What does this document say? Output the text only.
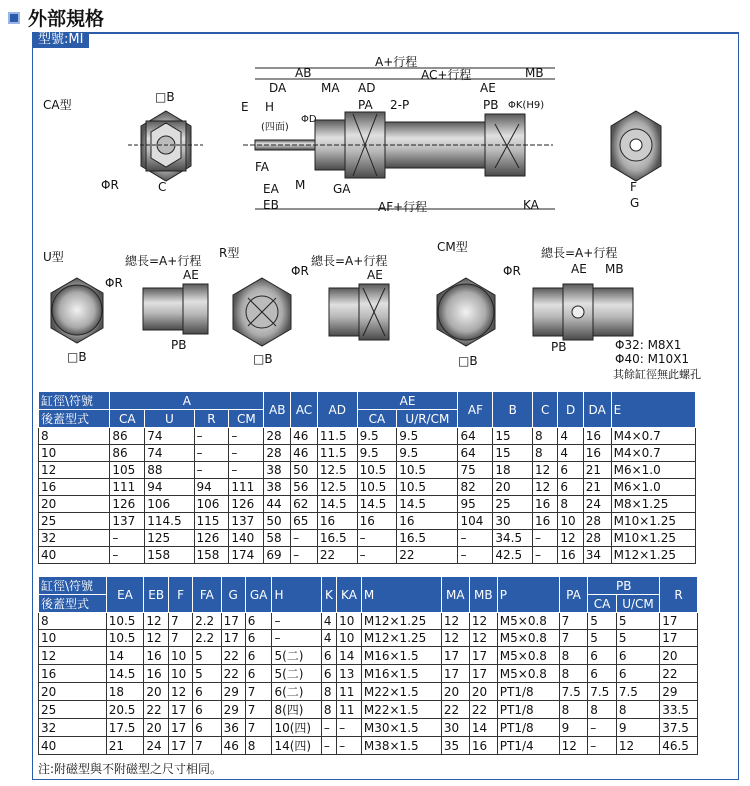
外部規格
型號:MI
CA型
□B
ΦR	C
A+行程
AB	AC+行程	MB
DA	MA AD	AE
PA 2-P	PB ΦK(H9)
E H
(四面)
ΦD
FA
EA M GA
EB	AF+行程	KA
F
G
U型	總長=A+行程
AE
ΦR
PB
□B
R型
總長=A+行程
AE
ΦR
□B
CM型	總長=A+行程
AE MB
ΦR
PB
□B
Φ32: M8X1
Φ40: M10X1
其餘缸徑無此螺孔
缸徑\符號	A				AB	AC	AD	AE		AF	B	C	D	DA	E
後蓋型式	CA	U	R	CM				CA	U/R/CM						
8	86	74	–	–	28	46	11.5	9.5	9.5	64	15	8	4	16	M4×0.7
10	86	74	–	–	28	46	11.5	9.5	9.5	64	15	8	4	16	M4×0.7
12	105	88	–	–	38	50	12.5	10.5	10.5	75	18	12	6	21	M6×1.0
16	111	94	94	111	38	56	12.5	10.5	10.5	82	20	12	6	21	M6×1.0
20	126	106	106	126	44	62	14.5	14.5	14.5	95	25	16	8	24	M8×1.25
25	137	114.5	115	137	50	65	16	16	16	104	30	16	10	28	M10×1.25
32	–	125	126	140	58	–	16.5	–	16.5	–	34.5	–	12	28	M10×1.25
40	–	158	158	174	69	–	22	–	22	–	42.5	–	16	34	M12×1.25
缸徑\符號	EA	EB	F	FA	G	GA	H	K	KA	M	MA	MB	P	PA	PB		R
後蓋型式															CA	U/CM	
8	10.5	12	7	2.2	17	6	–	4	10	M12×1.25	12	12	M5×0.8	7	5	5	17
10	10.5	12	7	2.2	17	6	–	4	10	M12×1.25	12	12	M5×0.8	7	5	5	17
12	14	16	10	5	22	6	5(二)	6	14	M16×1.5	17	17	M5×0.8	8	6	6	20
16	14.5	16	10	5	22	6	5(二)	6	13	M16×1.5	17	17	M5×0.8	8	6	6	22
20	18	20	12	6	29	7	6(二)	8	11	M22×1.5	20	20	PT1/8	7.5	7.5	7.5	29
25	20.5	22	17	6	29	7	8(四)	8	11	M22×1.5	22	22	PT1/8	8	8	8	33.5
32	17.5	20	17	6	36	7	10(四)	–	–	M30×1.5	30	14	PT1/8	9	–	9	37.5
40	21	24	17	7	46	8	14(四)	–	–	M38×1.5	35	16	PT1/4	12	–	12	46.5
注:附磁型與不附磁型之尺寸相同。
